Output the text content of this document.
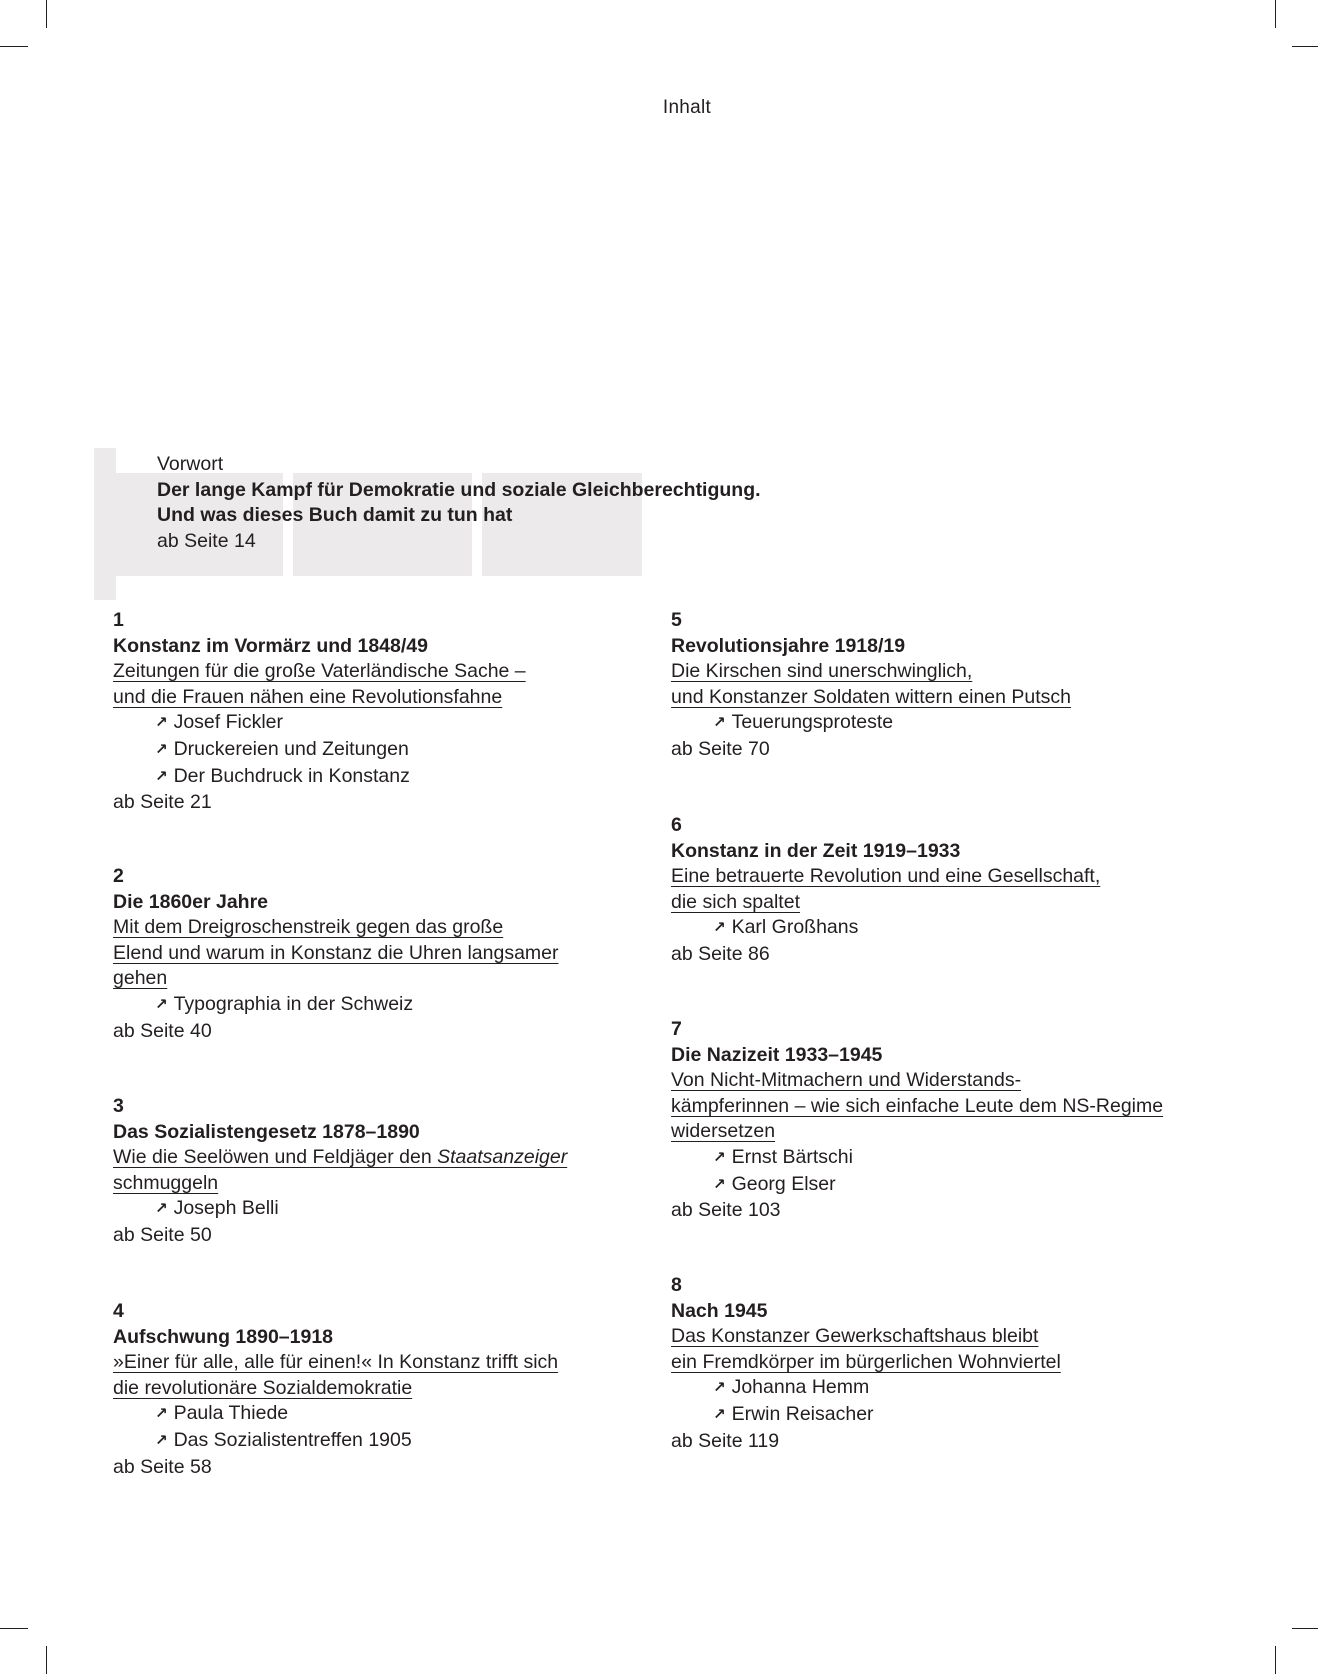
Inhalt
Vorwort
Der lange Kampf für Demokratie und soziale Gleichberechtigung.
Und was dieses Buch damit zu tun hat
ab Seite 14
1
Konstanz im Vormärz und 1848/49
Zeitungen für die große Vaterländische Sache –
und die Frauen nähen eine Revolutionsfahne
↗ Josef Fickler
↗ Druckereien und Zeitungen
↗ Der Buchdruck in Konstanz
ab Seite 21
2
Die 1860er Jahre
Mit dem Dreigroschenstreik gegen das große
Elend und warum in Konstanz die Uhren langsamer
gehen
↗ Typographia in der Schweiz
ab Seite 40
3
Das Sozialistengesetz 1878–1890
Wie die Seelöwen und Feldjäger den Staatsanzeiger
schmuggeln
↗ Joseph Belli
ab Seite 50
4
Aufschwung 1890–1918
»Einer für alle, alle für einen!« In Konstanz trifft sich
die revolutionäre Sozialdemokratie
↗ Paula Thiede
↗ Das Sozialistentreffen 1905
ab Seite 58
5
Revolutionsjahre 1918/19
Die Kirschen sind unerschwinglich,
und Konstanzer Soldaten wittern einen Putsch
↗ Teuerungsproteste
ab Seite 70
6
Konstanz in der Zeit 1919–1933
Eine betrauerte Revolution und eine Gesellschaft,
die sich spaltet
↗ Karl Großhans
ab Seite 86
7
Die Nazizeit 1933–1945
Von Nicht-Mitmachern und Widerstands-
kämpferinnen – wie sich einfache Leute dem NS-Regime
widersetzen
↗ Ernst Bärtschi
↗ Georg Elser
ab Seite 103
8
Nach 1945
Das Konstanzer Gewerkschaftshaus bleibt
ein Fremdkörper im bürgerlichen Wohnviertel
↗ Johanna Hemm
↗ Erwin Reisacher
ab Seite 119
